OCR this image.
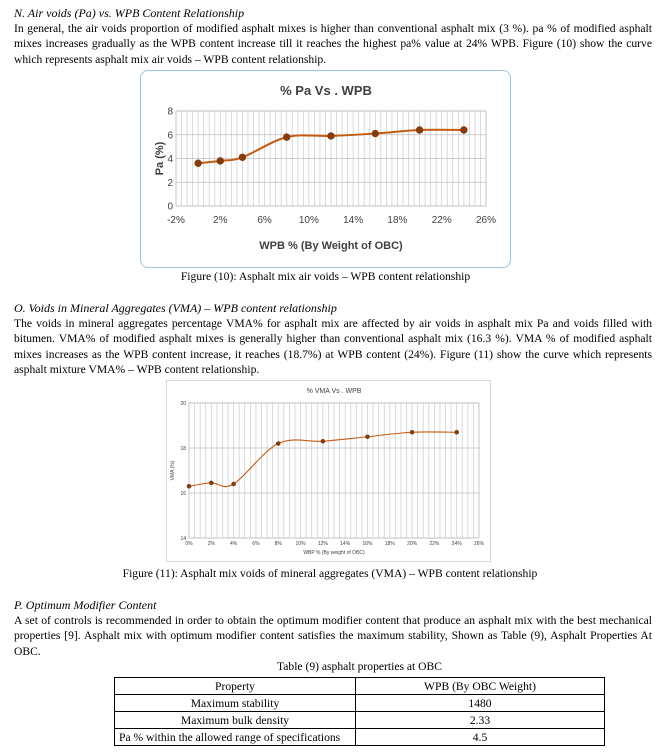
N. Air voids (Pa) vs. WPB Content Relationship
In general, the air voids proportion of modified asphalt mixes is higher than conventional asphalt mix (3 %). pa % of modified asphalt mixes increases gradually as the WPB content increase till it reaches the highest pa% value at 24% WPB. Figure (10) show the curve which represents asphalt mix air voids – WPB content relationship.
% Pa Vs . WPB
0
2
4
6
8
-2%	2%	6%	10% 14% 18% 22% 26%
WPB % (By Weight of OBC)
Pa (%)
Figure (10): Asphalt mix air voids – WPB content relationship
O. Voids in Mineral Aggregates (VMA) – WPB content relationship
The voids in mineral aggregates percentage VMA% for asphalt mix are affected by air voids in asphalt mix Pa and voids filled with bitumen. VMA% of modified asphalt mixes is generally higher than conventional asphalt mix (16.3 %). VMA % of modified asphalt mixes increases as the WPB content increase, it reaches (18.7%) at WPB content (24%). Figure (11) show the curve which represents asphalt mixture VMA% – WPB content relationship.
% VMA Vs . WPB
14
16
18
20
0%	2%	4%	6%	8%	10% 12% 14% 16% 18% 20% 22% 24% 26%
WBP % (By weight of OBC)
VMA (%)
Figure (11): Asphalt mix voids of mineral aggregates (VMA) – WPB content relationship
P. Optimum Modifier Content
A set of controls is recommended in order to obtain the optimum modifier content that produce an asphalt mix with the best mechanical properties [9]. Asphalt mix with optimum modifier content satisfies the maximum stability, Shown as Table (9), Asphalt Properties At OBC.
Table (9) asphalt properties at OBC
Property	WPB (By OBC Weight)
Maximum stability	1480
Maximum bulk density	2.33
Pa % within the allowed range of specifications	4.5
